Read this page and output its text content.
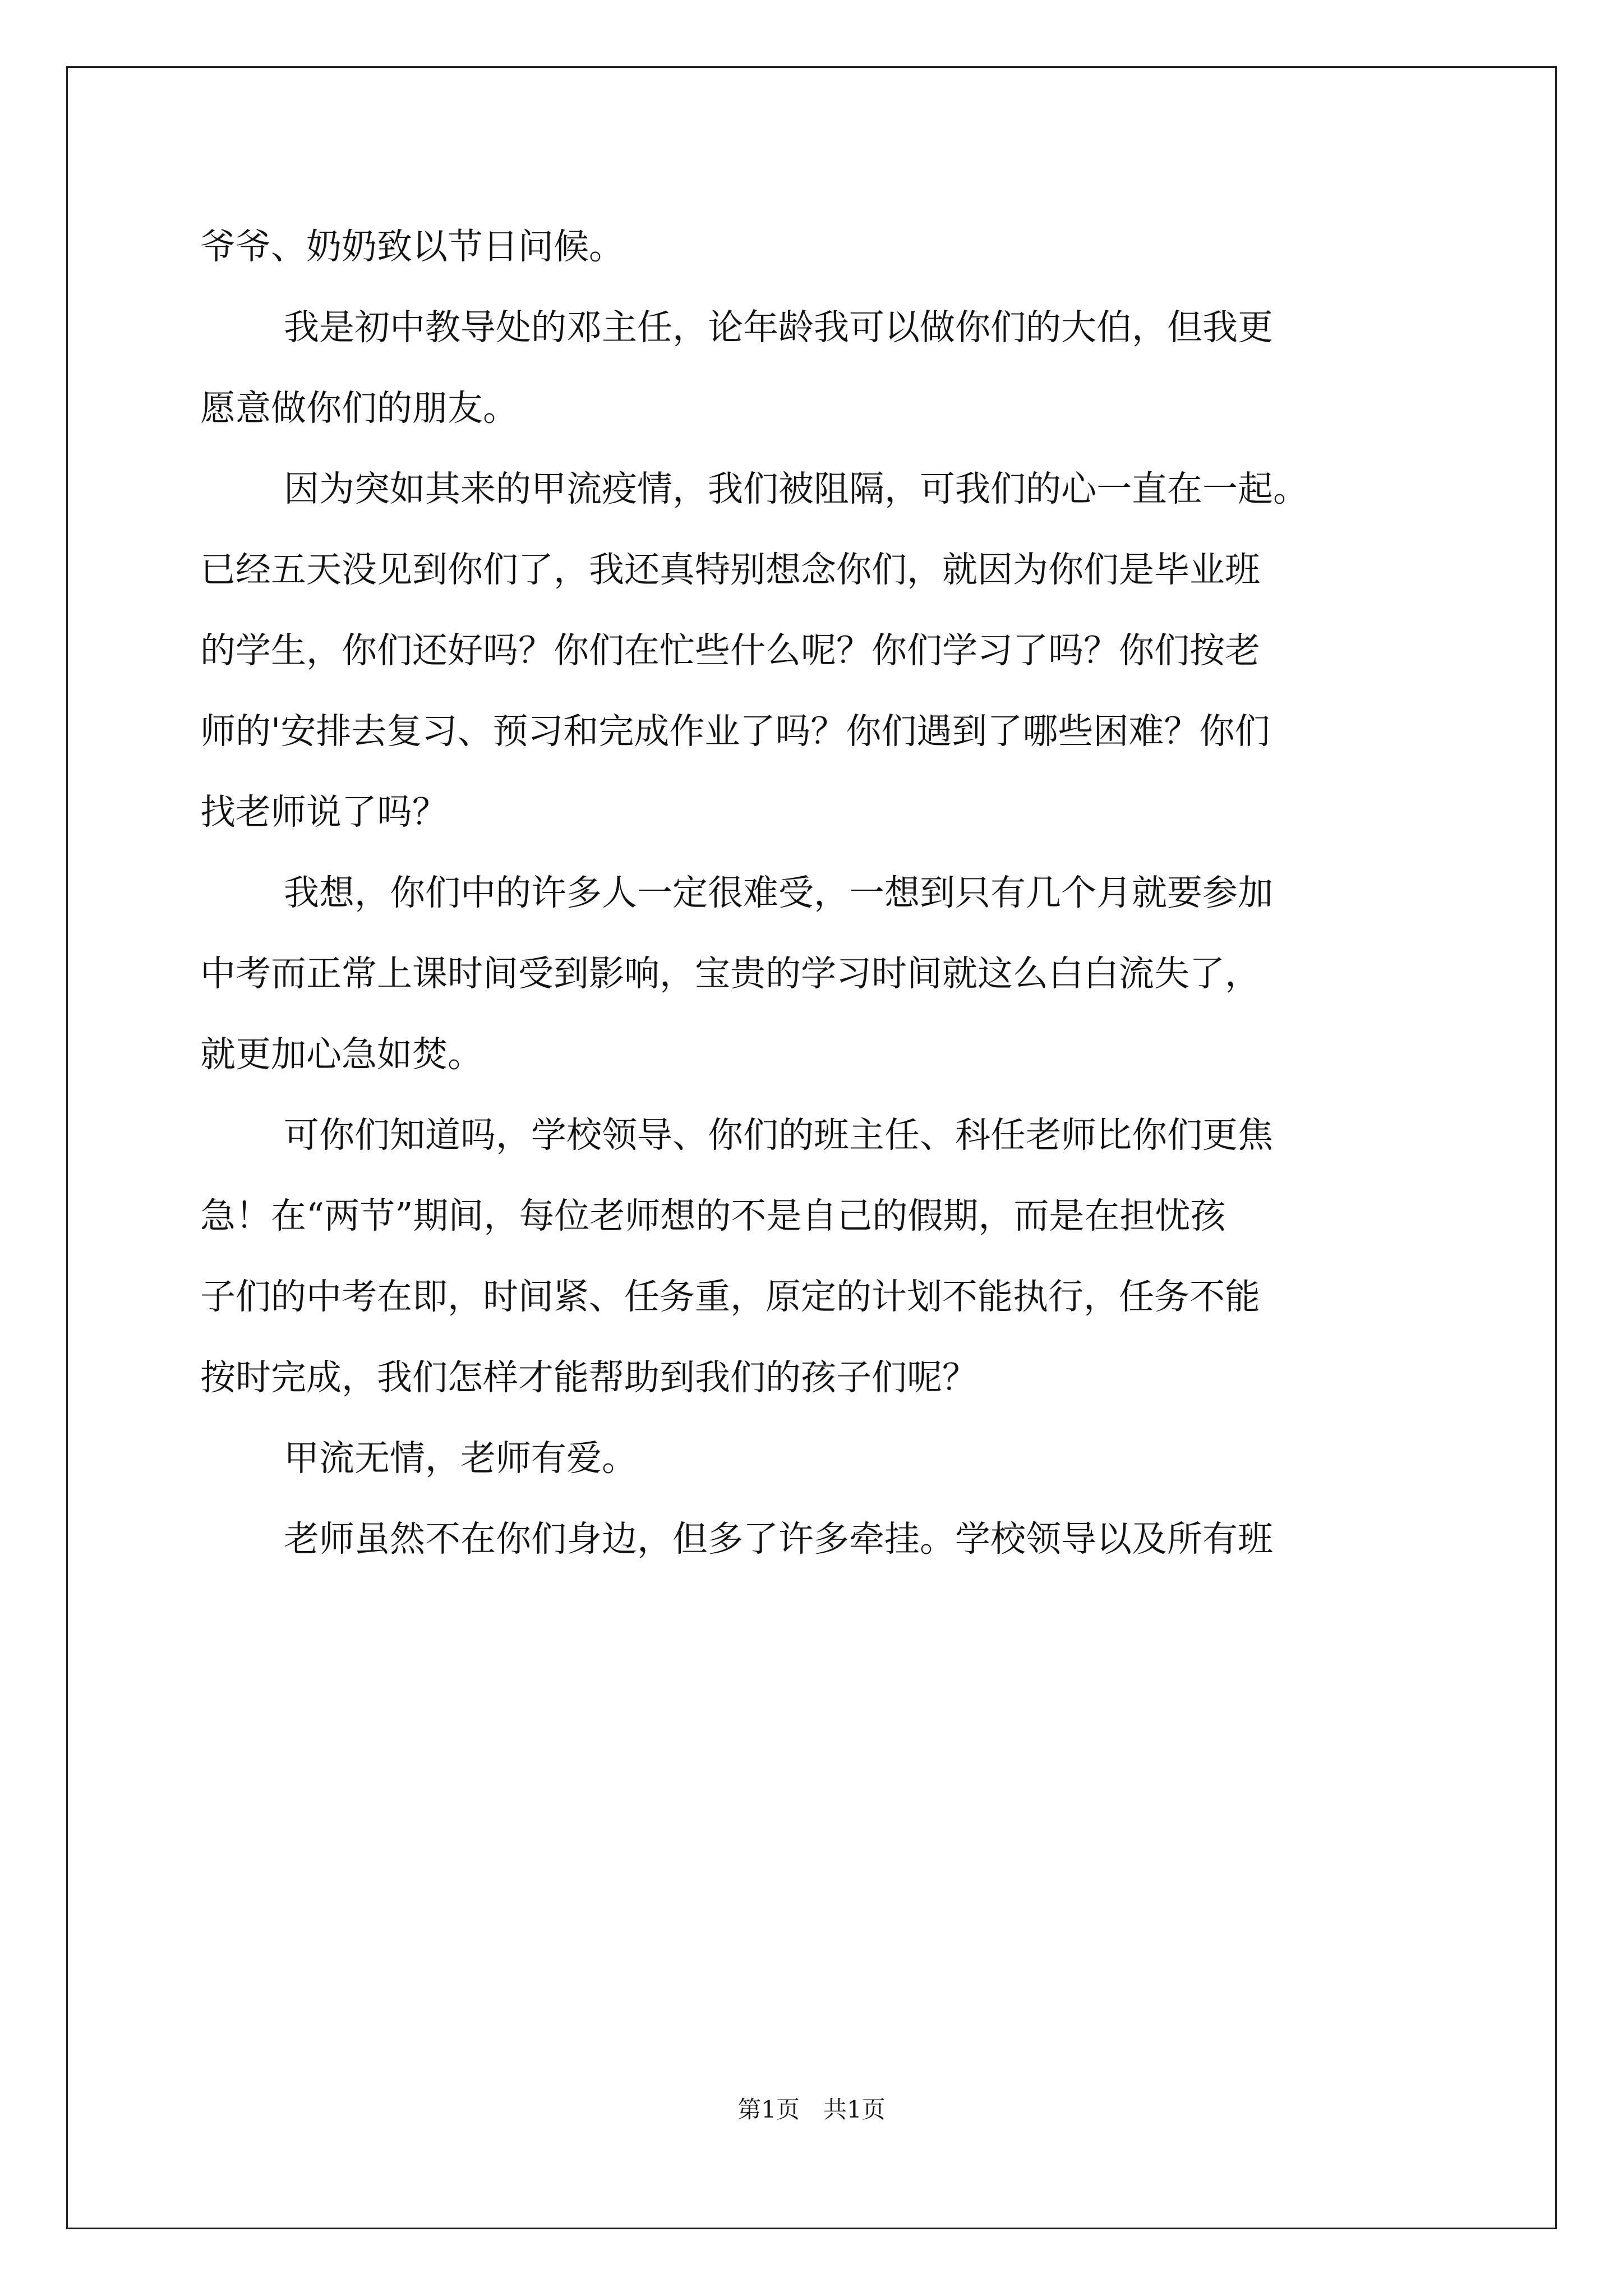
爷爷、奶奶致以节日问候。
我是初中教导处的邓主任，论年龄我可以做你们的大伯，但我更
愿意做你们的朋友。
因为突如其来的甲流疫情，我们被阻隔，可我们的心一直在一起。
已经五天没见到你们了，我还真特别想念你们，就因为你们是毕业班
的学生，你们还好吗？你们在忙些什么呢？你们学习了吗？你们按老
师的'安排去复习、预习和完成作业了吗？你们遇到了哪些困难？你们
找老师说了吗？
我想，你们中的许多人一定很难受，一想到只有几个月就要参加
中考而正常上课时间受到影响，宝贵的学习时间就这么白白流失了，
就更加心急如焚。
可你们知道吗，学校领导、你们的班主任、科任老师比你们更焦
急！在“两节”期间，每位老师想的不是自己的假期，而是在担忧孩
子们的中考在即，时间紧、任务重，原定的计划不能执行，任务不能
按时完成，我们怎样才能帮助到我们的孩子们呢？
甲流无情，老师有爱。
老师虽然不在你们身边，但多了许多牵挂。学校领导以及所有班
第1页　共1页
